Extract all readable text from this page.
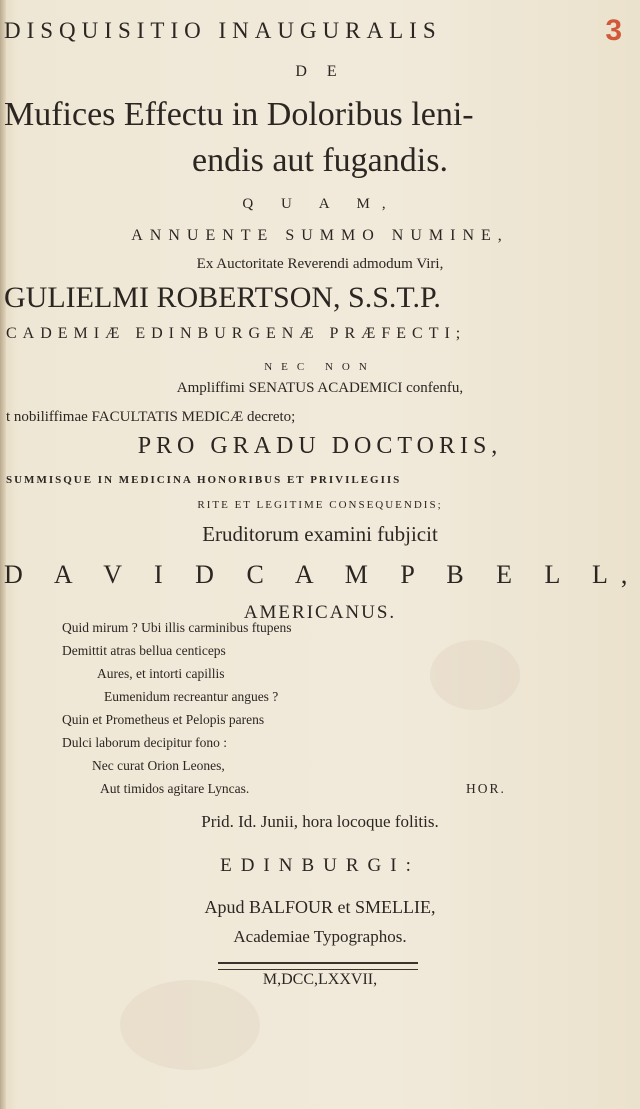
3
DISQUISITIO INAUGURALIS
D E
Mufices Effectu in Doloribus leni-
endis aut fugandis.
Q U A M,
ANNUENTE SUMMO NUMINE,
Ex Auctoritate Reverendi admodum Viri,
GULIELMI ROBERTSON, S.S.T.P.
CADEMIÆ EDINBURGENÆ PRÆFECTI;
NEC NON
Ampliffimi SENATUS ACADEMICI confenfu,
t nobiliffimae FACULTATIS MEDICÆ decreto;
PRO GRADU DOCTORIS,
SUMMISQUE IN MEDICINA HONORIBUS ET PRIVILEGIIS
RITE ET LEGITIME CONSEQUENDIS;
Eruditorum examini fubjicit
D A V I D C A M P B E L L,
AMERICANUS.
Quid mirum ? Ubi illis carminibus ftupens
Demittit atras bellua centiceps
Aures, et intorti capillis
Eumenidum recreantur angues ?
Quin et Prometheus et Pelopis parens
Dulci laborum decipitur fono :
Nec curat Orion Leones,
Aut timidos agitare Lyncas.	HOR.
Prid. Id. Junii, hora locoque folitis.
EDINBURGI:
Apud BALFOUR et SMELLIE,
Academiae Typographos.
M,DCC,LXXVII,
